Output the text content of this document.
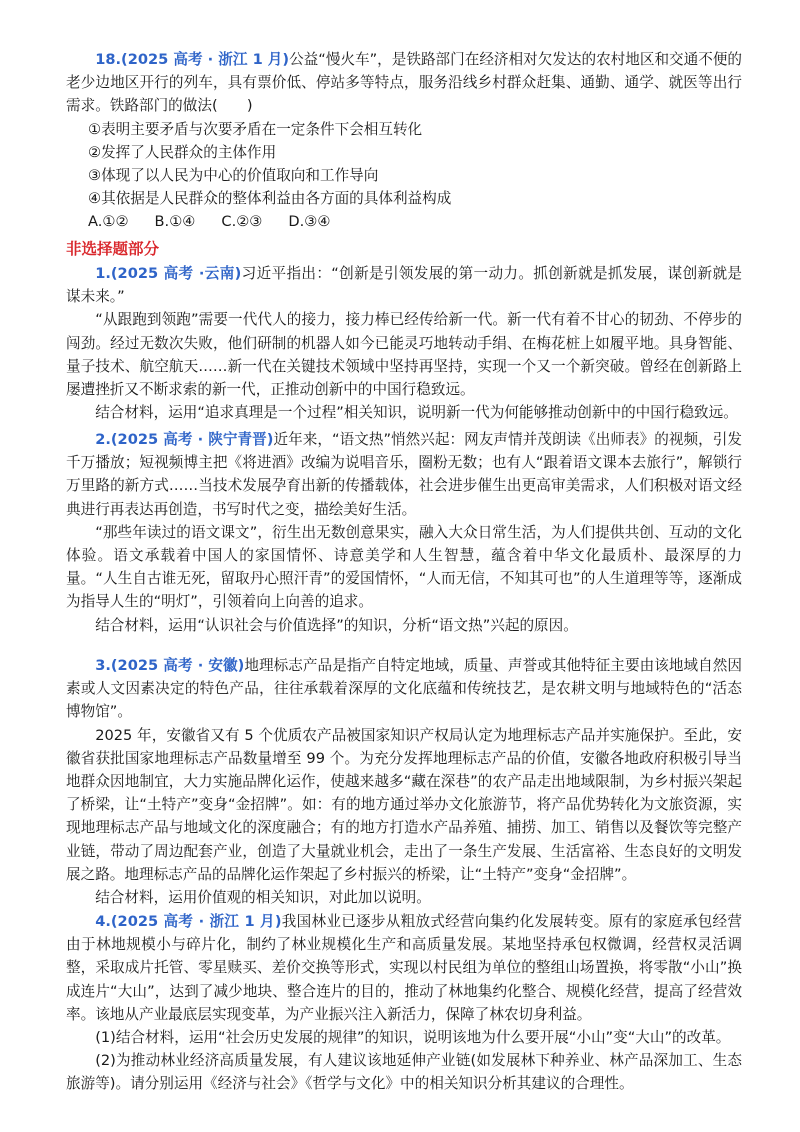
18.(2025 高考 · 浙江 1 月)公益“慢火车”，是铁路部门在经济相对欠发达的农村地区和交通不便的老少边地区开行的列车，具有票价低、停站多等特点，服务沿线乡村群众赶集、通勤、通学、就医等出行需求。铁路部门的做法(　　)

①表明主要矛盾与次要矛盾在一定条件下会相互转化

②发挥了人民群众的主体作用

③体现了以人民为中心的价值取向和工作导向

④其依据是人民群众的整体利益由各方面的具体利益构成

A.①② B.①④ C.②③ D.③④
非选择题部分

1.(2025 高考 ·云南)习近平指出：“创新是引领发展的第一动力。抓创新就是抓发展，谋创新就是谋未来。”

“从跟跑到领跑”需要一代代人的接力，接力棒已经传给新一代。新一代有着不甘心的韧劲、不停步的闯劲。经过无数次失败，他们研制的机器人如今已能灵巧地转动手绢、在梅花桩上如履平地。具身智能、量子技术、航空航天……新一代在关键技术领域中坚持再坚持，实现一个又一个新突破。曾经在创新路上屡遭挫折又不断求索的新一代，正推动创新中的中国行稳致远。

结合材料，运用“追求真理是一个过程”相关知识，说明新一代为何能够推动创新中的中国行稳致远。

2.(2025 高考 · 陕宁青晋)近年来，“语文热”悄然兴起：网友声情并茂朗读《出师表》的视频，引发千万播放；短视频博主把《将进酒》改编为说唱音乐，圈粉无数；也有人“跟着语文课本去旅行”，解锁行万里路的新方式……当技术发展孕育出新的传播载体，社会进步催生出更高审美需求，人们积极对语文经典进行再表达再创造，书写时代之变，描绘美好生活。

“那些年读过的语文课文”，衍生出无数创意果实，融入大众日常生活，为人们提供共创、互动的文化体验。语文承载着中国人的家国情怀、诗意美学和人生智慧，蕴含着中华文化最质朴、最深厚的力量。“人生自古谁无死，留取丹心照汗青”的爱国情怀，“人而无信，不知其可也”的人生道理等等，逐渐成为指导人生的“明灯”，引领着向上向善的追求。

结合材料，运用“认识社会与价值选择”的知识，分析“语文热”兴起的原因。

3.(2025 高考 · 安徽)地理标志产品是指产自特定地域，质量、声誉或其他特征主要由该地域自然因素或人文因素决定的特色产品，往往承载着深厚的文化底蕴和传统技艺，是农耕文明与地域特色的“活态博物馆”。

2025 年，安徽省又有 5 个优质农产品被国家知识产权局认定为地理标志产品并实施保护。至此，安徽省获批国家地理标志产品数量增至 99 个。为充分发挥地理标志产品的价值，安徽各地政府积极引导当地群众因地制宜，大力实施品牌化运作，使越来越多“藏在深巷”的农产品走出地域限制，为乡村振兴架起了桥梁，让“土特产”变身“金招牌”。如：有的地方通过举办文化旅游节，将产品优势转化为文旅资源，实现地理标志产品与地域文化的深度融合；有的地方打造水产品养殖、捕捞、加工、销售以及餐饮等完整产业链，带动了周边配套产业，创造了大量就业机会，走出了一条生产发展、生活富裕、生态良好的文明发展之路。地理标志产品的品牌化运作架起了乡村振兴的桥梁，让“土特产”变身“金招牌”。

结合材料，运用价值观的相关知识，对此加以说明。

4.(2025 高考 · 浙江 1 月)我国林业已逐步从粗放式经营向集约化发展转变。原有的家庭承包经营由于林地规模小与碎片化，制约了林业规模化生产和高质量发展。某地坚持承包权微调，经营权灵活调整，采取成片托管、零星赎买、差价交换等形式，实现以村民组为单位的整组山场置换，将零散“小山”换成连片“大山”，达到了减少地块、整合连片的目的，推动了林地集约化整合、规模化经营，提高了经营效率。该地从产业最底层实现变革，为产业振兴注入新活力，保障了林农切身利益。

(1)结合材料，运用“社会历史发展的规律”的知识，说明该地为什么要开展“小山”变“大山”的改革。

(2)为推动林业经济高质量发展，有人建议该地延伸产业链(如发展林下种养业、林产品深加工、生态旅游等)。请分别运用《经济与社会》《哲学与文化》中的相关知识分析其建议的合理性。
